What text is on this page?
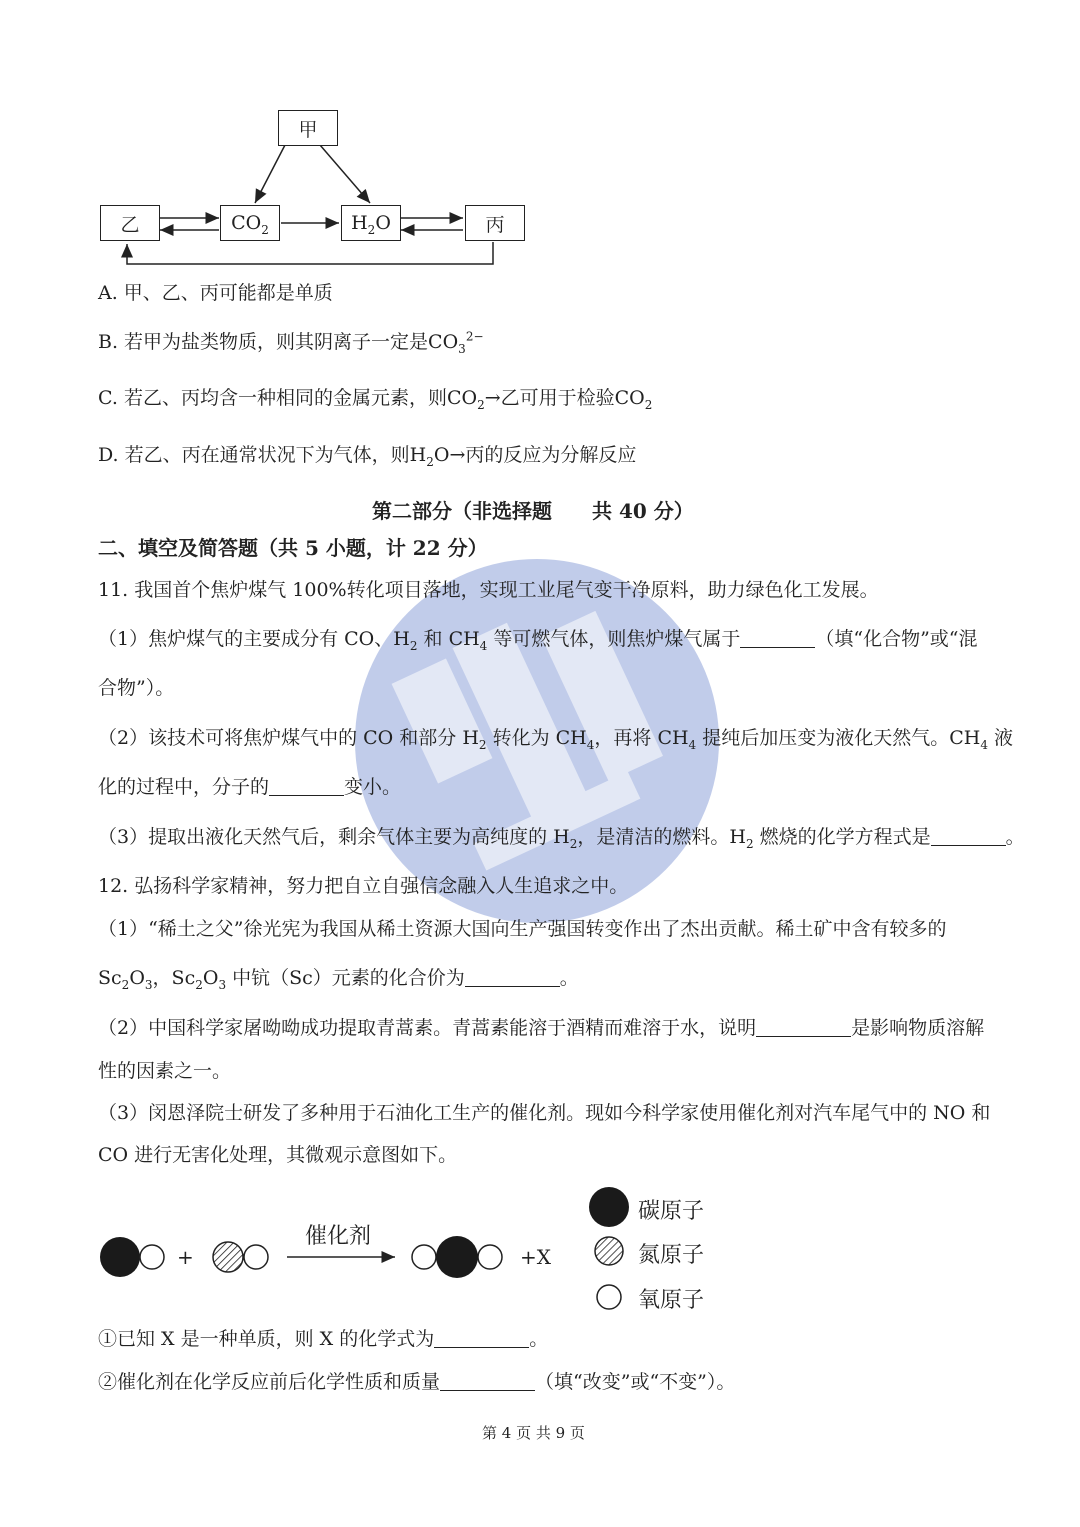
甲
乙	$CO_2$	$H_2O$	丙
A. 甲、乙、丙可能都是单质
B. 若甲为盐类物质，则其阴离子一定是$CO_3^{2-}$
C. 若乙、丙均含一种相同的金属元素，则$CO_2\to$乙可用于检验$CO_2$
D. 若乙、丙在通常状况下为气体，则$H_2O\to$丙的反应为分解反应
第二部分（非选择题　　共 40 分）
二、填空及简答题（共 5 小题，计 22 分）
11. 我国首个焦炉煤气 100%转化项目落地，实现工业尾气变干净原料，助力绿色化工发展。
（1）焦炉煤气的主要成分有 CO、$H_2$ 和 $CH_4$ 等可燃气体，则焦炉煤气属于	（填“化合物”或“混
合物”）。
（2）该技术可将焦炉煤气中的 CO 和部分 $H_2$ 转化为 $CH_4$，再将 $CH_4$ 提纯后加压变为液化天然气。$CH_4$ 液
化的过程中，分子的	变小。
（3）提取出液化天然气后，剩余气体主要为高纯度的 $H_2$，是清洁的燃料。$H_2$ 燃烧的化学方程式是	。
12. 弘扬科学家精神，努力把自立自强信念融入人生追求之中。
（1）“稀土之父”徐光宪为我国从稀土资源大国向生产强国转变作出了杰出贡献。稀土矿中含有较多的
$Sc_2O_3$，$Sc_2O_3$ 中钪（Sc）元素的化合价为	。
（2）中国科学家屠呦呦成功提取青蒿素。青蒿素能溶于酒精而难溶于水，说明	是影响物质溶解
性的因素之一。
（3）闵恩泽院士研发了多种用于石油化工生产的催化剂。现如今科学家使用催化剂对汽车尾气中的 NO 和
CO 进行无害化处理，其微观示意图如下。
+
催化剂
+X
碳原子
氮原子
氧原子
①已知 X 是一种单质，则 X 的化学式为	。
②催化剂在化学反应前后化学性质和质量	（填“改变”或“不变”）。
第 4 页 共 9 页
